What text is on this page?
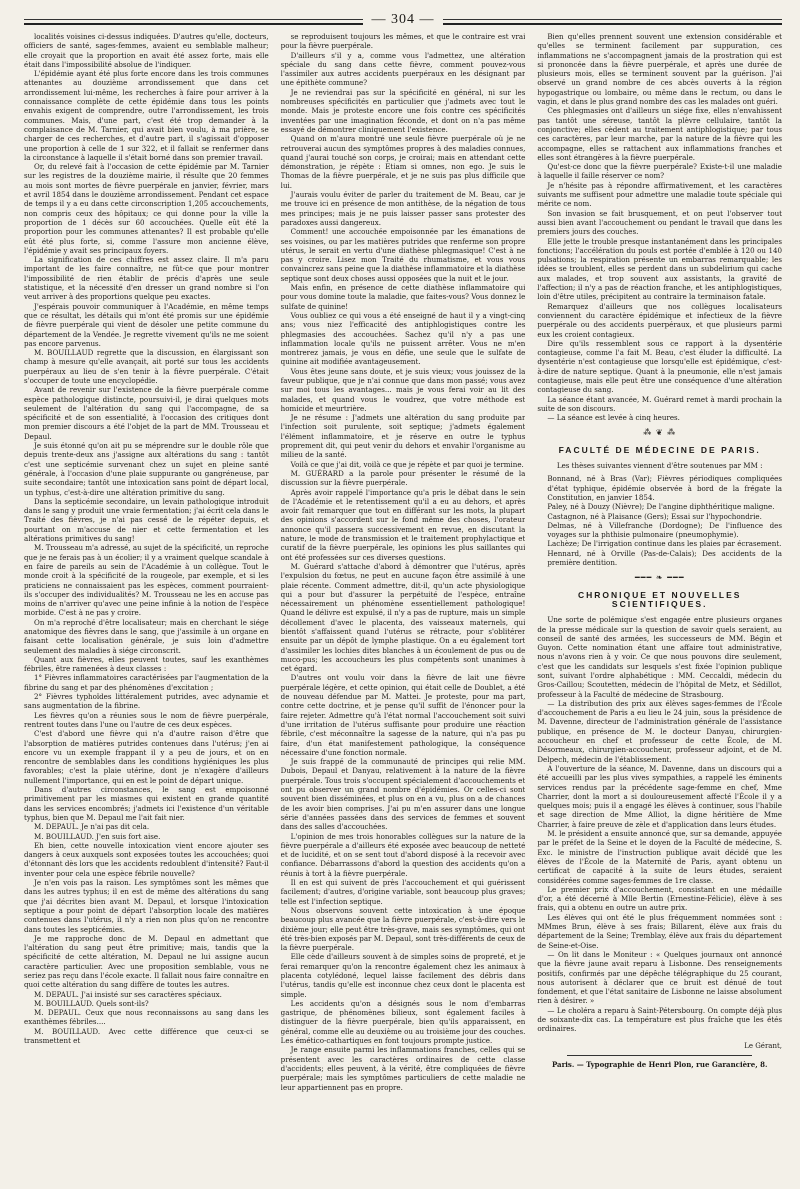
— 304 —

localités voisines ci-dessus indiquées. D'autres qu'elle, docteurs, officiers de santé, sages-femmes, avaient eu semblable malheur; elle croyait que la proportion en avait été assez forte, mais elle était dans l'impossibilité absolue de l'indiquer.

L'épidémie ayant été plus forte encore dans les trois communes attenantes au douzième arrondissement que dans cet arrondissement lui-même, les recherches à faire pour arriver à la connaissance complète de cette épidémie dans tous les points envahis exigent de comprendre, outre l'arrondissement, les trois communes. Mais, d'une part, c'est été trop demander à la complaisance de M. Tarnier, qui avait bien voulu, à ma prière, se charger de ces recherches, et d'autre part, il s'agissait d'opposer une proportion à celle de 1 sur 322, et il fallait se renfermer dans la circonstance à laquelle il s'était borné dans son premier travail.

Or, du relevé fait à l'occasion de cette épidémie par M. Tarnier sur les registres de la douzième mairie, il résulte que 20 femmes au mois sont mortes de fièvre puerpérale en janvier, février, mars et avril 1854 dans le douzième arrondissement. Pendant cet espace de temps il y a eu dans cette circonscription 1,205 accouchements, non compris ceux des hôpitaux; ce qui donne pour la ville la proportion de 1 décès sur 60 accouchées. Quelle eût été la proportion pour les communes attenantes? Il est probable qu'elle eût été plus forte, si, comme l'assure mon ancienne élève, l'épidémie y avait ses principaux foyers.

La signification de ces chiffres est assez claire. Il m'a paru important de les faire connaître, ne fût-ce que pour montrer l'impossibilité de rien établir de précis d'après une seule statistique, et la nécessité d'en dresser un grand nombre si l'on veut arriver à des proportions quelque peu exactes.

J'espérais pouvoir communiquer à l'Académie, en même temps que ce résultat, les détails qui m'ont été promis sur une épidémie de fièvre puerpérale qui vient de désoler une petite commune du département de la Vendée. Je regrette vivement qu'ils ne me soient pas encore parvenus.

M. BOUILLAUD regrette que la discussion, en élargissant son champ à mesure qu'elle avançait, ait porté sur tous les accidents puerpéraux au lieu de s'en tenir à la fièvre puerpérale. C'était s'occuper de toute une encyclopédie.

Avant de revenir sur l'existence de la fièvre puerpérale comme espèce pathologique distincte, poursuivi-il, je dirai quelques mots seulement de l'altération du sang qui l'accompagne, de sa spécificité et de son essentialité, à l'occasion des critiques dont mon premier discours a été l'objet de la part de MM. Trousseau et Depaul.

Je suis étonné qu'on ait pu se méprendre sur le double rôle que depuis trente-deux ans j'assigne aux altérations du sang : tantôt c'est une septicémie survenant chez un sujet en pleine santé générale, à l'occasion d'une plaie suppurante ou gangréneuse, par suite secondaire; tantôt une intoxication sans point de départ local, un typhus, c'est-à-dire une altération primitive du sang.

Dans la septicémie secondaire, un levain pathologique introduit dans le sang y produit une vraie fermentation; j'ai écrit cela dans le Traité des fièvres, je n'ai pas cessé de le répéter depuis, et pourtant on m'accuse de nier et cette fermentation et les altérations primitives du sang!

M. Trousseau m'a adressé, au sujet de la spécificité, un reproche que je ne ferais pas à un écolier; il y a vraiment quelque scandale à en faire de pareils au sein de l'Académie à un collègue. Tout le monde croit à la spécificité de la rougeole, par exemple, et si les praticiens ne connaissaient pas les espèces, comment pourraient-ils s'occuper des individualités? M. Trousseau ne les en accuse pas moins de n'arriver qu'avec une peine infinie à la notion de l'espèce morbide. C'est à ne pas y croire.

On m'a reproché d'être localisateur; mais en cherchant le siége anatomique des fièvres dans le sang, que j'assimile à un organe en faisant cette localisation générale, je suis loin d'admettre seulement des maladies à siége circonscrit.

Quant aux fièvres, elles peuvent toutes, sauf les exanthèmes fébriles, être ramenées à deux classes :

1° Fièvres inflammatoires caractérisées par l'augmentation de la fibrine du sang et par des phénomènes d'excitation ;

2° Fièvres typhoïdes littéralement putrides, avec adynamie et sans augmentation de la fibrine.

Les fièvres qu'on a réunies sous le nom de fièvre puerpérale, rentrent toutes dans l'une ou l'autre de ces deux espèces.

C'est d'abord une fièvre qui n'a d'autre raison d'être que l'absorption de matières putrides contenues dans l'utérus; j'en ai encore vu un exemple frappant il y a peu de jours, et on en rencontre de semblables dans les conditions hygiéniques les plus favorables; c'est la plaie utérine, dont je n'exagère d'ailleurs nullement l'importance, qui en est le point de départ unique.

Dans d'autres circonstances, le sang est empoisonné primitivement par les miasmes qui existent en grande quantité dans les services encombrés; j'admets ici l'existence d'un véritable typhus, bien que M. Depaul me l'ait fait nier.

M. DEPAUL. Je n'ai pas dit cela.

M. BOUILLAUD. J'en suis fort aise.

Eh bien, cette nouvelle intoxication vient encore ajouter ses dangers à ceux auxquels sont exposées toutes les accouchées; quoi d'étonnant dès lors que les accidents redoublent d'intensité? Faut-il inventer pour cela une espèce fébrile nouvelle?

Je n'en vois pas la raison. Les symptômes sont les mêmes que dans les autres typhus; il en est de même des altérations du sang que j'ai décrites bien avant M. Depaul, et lorsque l'intoxication septique a pour point de départ l'absorption locale des matières contenues dans l'utérus, il n'y a rien non plus qu'on ne rencontre dans toutes les septicémies.

Je me rapproche donc de M. Depaul en admettant que l'altération du sang peut être primitive; mais, tandis que la spécificité de cette altération, M. Depaul ne lui assigne aucun caractère particulier. Avec une proposition semblable, vous ne seriez pas reçu dans l'école exacte. Il fallait nous faire connaître en quoi cette altération du sang diffère de toutes les autres.

M. DEPAUL. J'ai insisté sur ses caractères spéciaux.

M. BOUILLAUD. Quels sont-ils?

M. DEPAUL. Ceux que nous reconnaissons au sang dans les exanthèmes fébriles....

M. BOUILLAUD. Avec cette différence que ceux-ci se transmettent et

se reproduisent toujours les mêmes, et que le contraire est vrai pour la fièvre puerpérale.

D'ailleurs s'il y a, comme vous l'admettez, une altération spéciale du sang dans cette fièvre, comment pouvez-vous l'assimiler aux autres accidents puerpéraux en les désignant par une épithète commune?

Je ne reviendrai pas sur la spécificité en général, ni sur les nombreuses spécificités en particulier que j'admets avec tout le monde. Mais je proteste encore une fois contre ces spécificités inventées par une imagination féconde, et dont on n'a pas même essayé de démontrer cliniquement l'existence.

Quand on m'aura montré une seule fièvre puerpérale où je ne retrouverai aucun des symptômes propres à des maladies connues, quand j'aurai touché son corps, je croirai; mais en attendant cette démonstration, je répète : Etiam si omnes, non ego. Je suis le Thomas de la fièvre puerpérale, et je ne suis pas plus difficile que lui.

J'aurais voulu éviter de parler du traitement de M. Beau, car je me trouve ici en présence de mon antithèse, de la négation de tous mes principes; mais je ne puis laisser passer sans protester des paradoxes aussi dangereux.

Comment! une accouchée empoisonnée par les émanations de ses voisines, ou par les matières putrides que renferme son propre utérus, le serait en vertu d'une diathèse phlegmasique! C'est à ne pas y croire. Lisez mon Traité du rhumatisme, et vous vous convaincrez sans peine que la diathèse inflammatoire et la diathèse septique sont deux choses aussi opposées que la nuit et le jour.

Mais enfin, en présence de cette diathèse inflammatoire qui pour vous domine toute la maladie, que faites-vous? Vous donnez le sulfate de quinine!

Vous oubliez ce qui vous a été enseigné de haut il y a vingt-cinq ans; vous niez l'efficacité des antiphlogistiques contre les phlegmasies des accouchées. Sachez qu'il n'y a pas une inflammation locale qu'ils ne puissent arrêter. Vous ne m'en montrerez jamais, je vous en défie, une seule que le sulfate de quinine ait modifiée avantageusement.

Vous êtes jeune sans doute, et je suis vieux; vous jouissez de la faveur publique, que je n'ai connue que dans mon passé; vous avez sur moi tous les avantages... mais je vous ferai voir au lit des malades, et quand vous le voudrez, que votre méthode est homicide et meurtrière.

Je ne résume : J'admets une altération du sang produite par l'infection soit purulente, soit septique; j'admets également l'élément inflammatoire, et je réserve en outre le typhus proprement dit, qui peut venir du dehors et envahir l'organisme au milieu de la santé.

Voilà ce que j'ai dit, voilà ce que je répète et par quoi je termine.

M. GUÉRARD a la parole pour présenter le résumé de la discussion sur la fièvre puerpérale.

Après avoir rappelé l'importance qu'a pris le débat dans le sein de l'Académie et le retentissement qu'il a eu au dehors, et après avoir fait remarquer que tout en différant sur les mots, la plupart des opinions s'accordent sur le fond même des choses, l'orateur annonce qu'il passera successivement en revue, en discutant la nature, le mode de transmission et le traitement prophylactique et curatif de la fièvre puerpérale, les opinions les plus saillantes qui ont été professées sur ces diverses questions.

M. Guérard s'attache d'abord à démontrer que l'utérus, après l'expulsion du fœtus, ne peut en aucune façon être assimilé à une plaie récente. Comment admettre, dit-il, qu'un acte physiologique qui a pour but d'assurer la perpétuité de l'espèce, entraîne nécessairement un phénomène essentiellement pathologique! Quand le délivre est expulsé, il n'y a pas de rupture, mais un simple décollement d'avec le placenta, des vaisseaux maternels, qui bientôt s'affaissent quand l'utérus se rétracte, pour s'oblitérer ensuite par un dépôt de lymphe plastique. On a eu également tort d'assimiler les lochies dites blanches à un écoulement de pus ou de muco-pus; les accoucheurs les plus compétents sont unanimes à cet égard.

D'autres ont voulu voir dans la fièvre de lait une fièvre puerpérale légère, et cette opinion, qui était celle de Doublet, a été de nouveau défendue par M. Mattei. Je proteste, pour ma part, contre cette doctrine, et je pense qu'il suffit de l'énoncer pour la faire rejeter. Admettre qu'à l'état normal l'accouchement soit suivi d'une irritation de l'utérus suffisante pour produire une réaction fébrile, c'est méconnaître la sagesse de la nature, qui n'a pas pu faire, d'un état manifestement pathologique, la conséquence nécessaire d'une fonction normale.

Je suis frappé de la communauté de principes qui relie MM. Dubois, Depaul et Danyau, relativement à la nature de la fièvre puerpérale. Tous trois s'occupent spécialement d'accouchements et ont pu observer un grand nombre d'épidémies. Or celles-ci sont souvent bien disséminées, et plus on en a vu, plus on a de chances de les avoir bien comprises. J'ai pu m'en assurer dans une longue série d'années passées dans des services de femmes et souvent dans des salles d'accouchées.

L'opinion de mes trois honorables collègues sur la nature de la fièvre puerpérale a d'ailleurs été exposée avec beaucoup de netteté et de lucidité, et on se sent tout d'abord disposé à la recevoir avec confiance. Débarrassons d'abord la question des accidents qu'on a réunis à tort à la fièvre puerpérale.

Il en est qui suivent de près l'accouchement et qui guérissent facilement; d'autres, d'origine variable, sont beaucoup plus graves; telle est l'infection septique.

Nous observons souvent cette intoxication à une époque beaucoup plus avancée que la fièvre puerpérale, c'est-à-dire vers le dixième jour; elle peut être très-grave, mais ses symptômes, qui ont été très-bien exposés par M. Depaul, sont très-différents de ceux de la fièvre puerpérale.

Elle cède d'ailleurs souvent à de simples soins de propreté, et je ferai remarquer qu'on la rencontre également chez les animaux à placenta cotylédoné, lequel laisse facilement des débris dans l'utérus, tandis qu'elle est inconnue chez ceux dont le placenta est simple.

Les accidents qu'on a désignés sous le nom d'embarras gastrique, de phénomènes bilieux, sont également faciles à distinguer de la fièvre puerpérale, bien qu'ils apparaissent, en général, comme elle au deuxième ou au troisième jour des couches. Les émético-cathartiques en font toujours prompte justice.

Je range ensuite parmi les inflammations franches, celles qui se présentent avec les caractères ordinaires de cette classe d'accidents; elles peuvent, à la vérité, être compliquées de fièvre puerpérale; mais les symptômes particuliers de cette maladie ne leur appartiennent pas en propre.

Bien qu'elles prennent souvent une extension considérable et qu'elles se terminent facilement par suppuration, ces inflammations ne s'accompagnent jamais de la prostration qui est si prononcée dans la fièvre puerpérale, et après une durée de plusieurs mois, elles se terminent souvent par la guérison. J'ai observé un grand nombre de ces abcès ouverts à la région hypogastrique ou lombaire, ou même dans le rectum, ou dans le vagin, et dans le plus grand nombre des cas les malades ont guéri.

Ces phlegmasies ont d'ailleurs un siége fixe, elles n'envahissent pas tantôt une séreuse, tantôt la plèvre cellulaire, tantôt la conjonctive; elles cèdent au traitement antiphlogistique; par tous ces caractères, par leur marche, par la nature de la fièvre qui les accompagne, elles se rattachent aux inflammations franches et elles sont étrangères à la fièvre puerpérale.

Qu'est-ce donc que la fièvre puerpérale? Existe-t-il une maladie à laquelle il faille réserver ce nom?

Je n'hésite pas à répondre affirmativement, et les caractères suivants me suffisent pour admettre une maladie toute spéciale qui mérite ce nom.

Son invasion se fait brusquement, et on peut l'observer tout aussi bien avant l'accouchement ou pendant le travail que dans les premiers jours des couches.

Elle jette le trouble presque instantanément dans les principales fonctions; l'accélération du pouls est portée d'emblée à 120 ou 140 pulsations; la respiration présente un embarras remarquable; les idées se troublent, elles se perdent dans un subdelirium qui cache aux malades, et trop souvent aux assistants, la gravité de l'affection; il n'y a pas de réaction franche, et les antiphlogistiques, loin d'être utiles, précipitent au contraire la terminaison fatale.

Remarquez d'ailleurs que nos collègues localisateurs conviennent du caractère épidémique et infectieux de la fièvre puerpérale ou des accidents puerpéraux, et que plusieurs parmi eux les croient contagieux.

Dire qu'ils ressemblent sous ce rapport à la dysentérie contagieuse, comme l'a fait M. Beau, c'est éluder la difficulté. La dysentérie n'est contagieuse que lorsqu'elle est épidémique, c'est-à-dire de nature septique. Quant à la pneumonie, elle n'est jamais contagieuse, mais elle peut être une conséquence d'une altération contagieuse du sang.

La séance étant avancée, M. Guérard remet à mardi prochain la suite de son discours.

— La séance est levée à cinq heures.

⁂ ❦ ⁂
FACULTÉ DE MÉDECINE DE PARIS.
Les thèses suivantes viennent d'être soutenues par MM :

Bonnand, né à Bras (Var); Fièvres périodiques compliquées d'état typhique, épidémie observée à bord de la frégate la Constitution, en janvier 1854.

Paley, né à Douzy (Nièvre); De l'angine diphthéritique maligne.

Castagnon, né à Plaisance (Gers); Essai sur l'hypochondrie.

Delmas, né à Villefranche (Dordogne); De l'influence des voyages sur la phthisie pulmonaire (pneumophymie).

Lachèze; De l'irrigation continue dans les plaies par écrasement.

Hennard, né à Orville (Pas-de-Calais); Des accidents de la première dentition.

━━━ ❧ ━━━
CHRONIQUE ET NOUVELLES SCIENTIFIQUES.

Une sorte de polémique s'est engagée entre plusieurs organes de la presse médicale sur la question de savoir quels seraient, au conseil de santé des armées, les successeurs de MM. Bégin et Guyon. Cette nomination étant une affaire tout administrative, nous n'avons rien à y voir. Ce que nous pouvons dire seulement, c'est que les candidats sur lesquels s'est fixée l'opinion publique sont, suivant l'ordre alphabétique : MM. Ceccaldi, médecin du Gros-Caillou; Scoutetten, médecin de l'hôpital de Metz, et Sédillot, professeur à la Faculté de médecine de Strasbourg.

— La distribution des prix aux élèves sages-femmes de l'École d'accouchement de Paris a eu lieu le 24 juin, sous la présidence de M. Davenne, directeur de l'administration générale de l'assistance publique, en présence de M. le docteur Danyau, chirurgien-accoucheur en chef et professeur de cette École, de M. Désormeaux, chirurgien-accoucheur, professeur adjoint, et de M. Delpech, médecin de l'établissement.

A l'ouverture de la séance, M. Davenne, dans un discours qui a été accueilli par les plus vives sympathies, a rappelé les éminents services rendus par la précédente sage-femme en chef, Mme Charrier, dont la mort a si douloureusement affecté l'École il y a quelques mois; puis il a engagé les élèves à continuer, sous l'habile et sage direction de Mme Alliot, la digne héritière de Mme Charrier, à faire preuve de zèle et d'application dans leurs études.

M. le président a ensuite annoncé que, sur sa demande, appuyée par le préfet de la Seine et le doyen de la Faculté de médecine, S. Exc. le ministre de l'instruction publique avait décidé que les élèves de l'École de la Maternité de Paris, ayant obtenu un certificat de capacité à la suite de leurs études, seraient considérées comme sages-femmes de 1re classe.

Le premier prix d'accouchement, consistant en une médaille d'or, a été décerné à Mlle Bertin (Ernestine-Félicie), élève à ses frais, qui a obtenu en outre un autre prix.

Les élèves qui ont été le plus fréquemment nommées sont : MMmes Brun, élève à ses frais; Billarent, élève aux frais du département de la Seine; Tremblay, élève aux frais du département de Seine-et-Oise.

— On lit dans le Moniteur : « Quelques journaux ont annoncé que la fièvre jaune avait reparu à Lisbonne. Des renseignements positifs, confirmés par une dépêche télégraphique du 25 courant, nous autorisent à déclarer que ce bruit est dénué de tout fondement, et que l'état sanitaire de Lisbonne ne laisse absolument rien à désirer. »

— Le choléra a reparu à Saint-Pétersbourg. On compte déjà plus de soixante-dix cas. La température est plus fraîche que les étés ordinaires.

Le Gérant,
Paris. — Typographie de Henri Plon, rue Garancière, 8.
